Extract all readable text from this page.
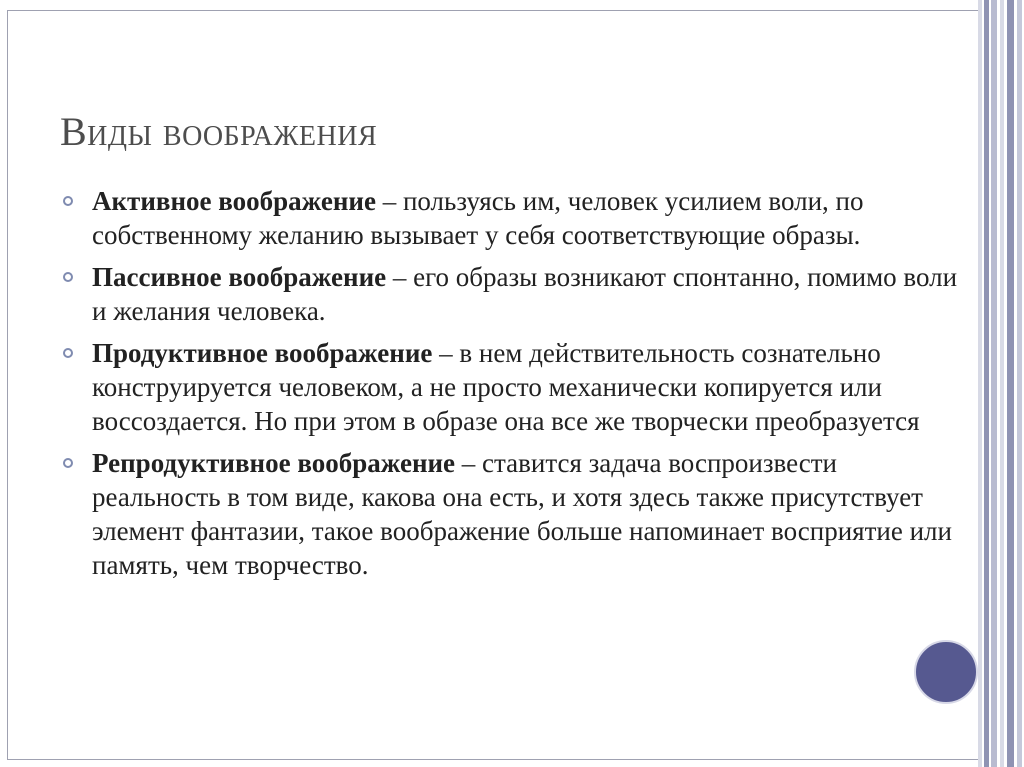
Виды воображения
Активное воображение – пользуясь им, человек усилием воли, по собственному желанию вызывает у себя соответствующие образы.
Пассивное воображение – его образы возникают спонтанно, помимо воли и желания человека.
Продуктивное воображение – в нем действительность сознательно конструируется человеком, а не просто механически копируется или воссоздается. Но при этом в образе она все же творчески преобразуется
Репродуктивное воображение – ставится задача воспроизвести реальность в том виде, какова она есть, и хотя здесь также присутствует элемент фантазии, такое воображение больше напоминает восприятие или память, чем творчество.
